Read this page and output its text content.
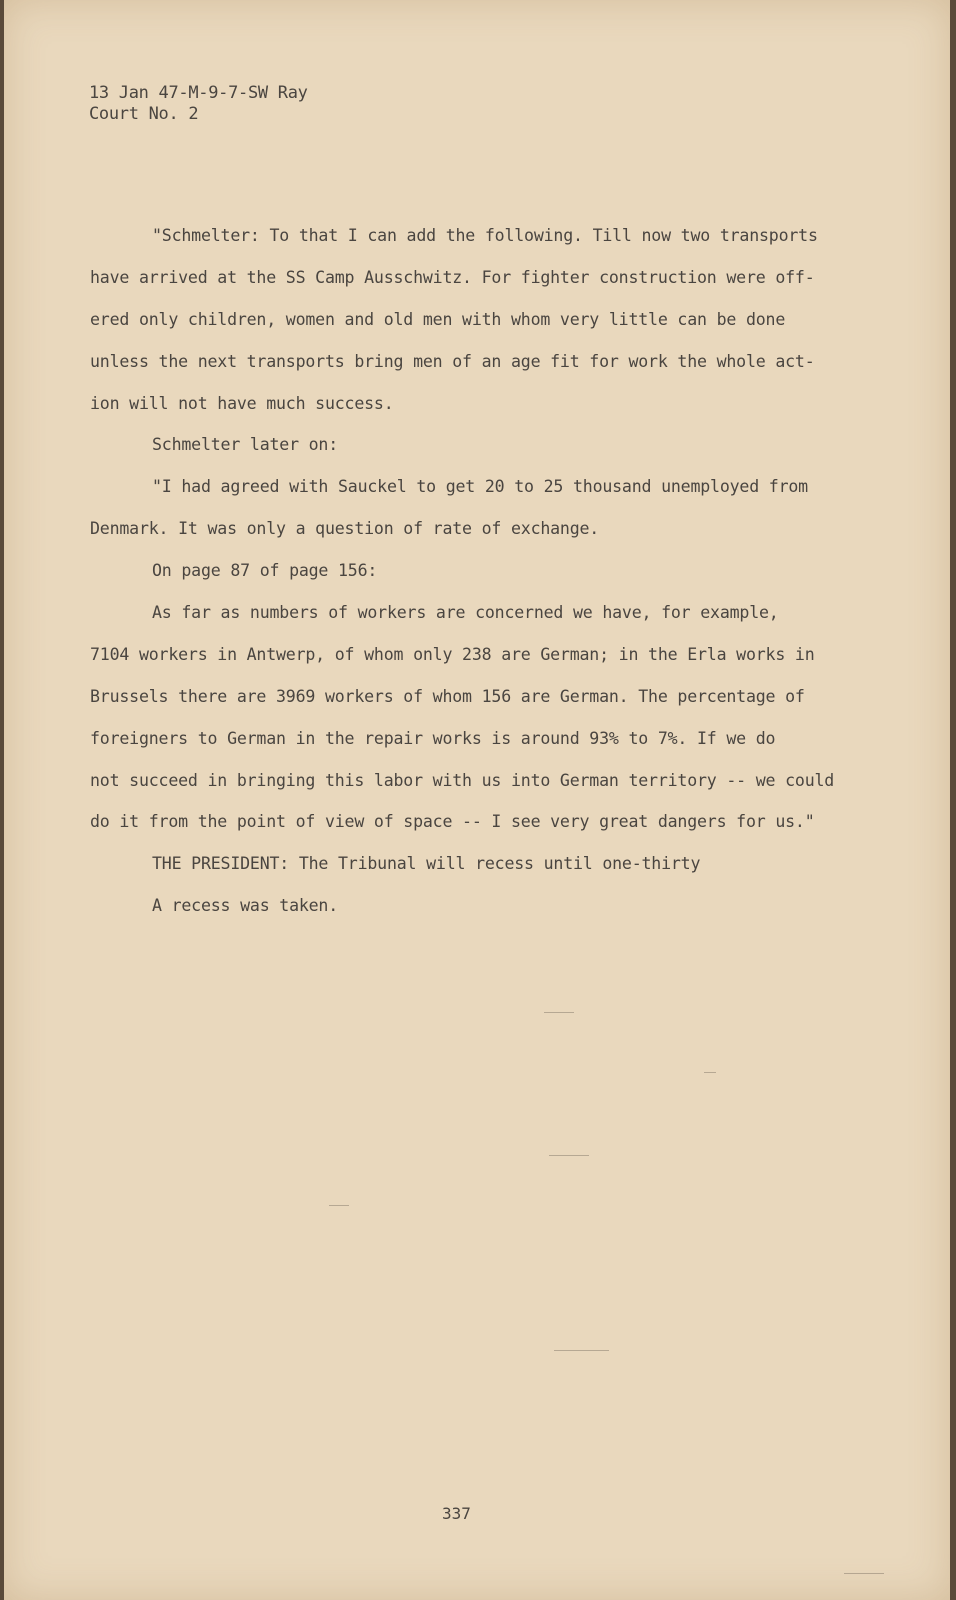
13 Jan 47-M-9-7-SW Ray
Court No. 2
"Schmelter: To that I can add the following. Till now two transports
have arrived at the SS Camp Ausschwitz. For fighter construction were off-
ered only children, women and old men with whom very little can be done
unless the next transports bring men of an age fit for work the whole act-
ion will not have much success.
Schmelter later on:
"I had agreed with Sauckel to get 20 to 25 thousand unemployed from
Denmark. It was only a question of rate of exchange.
On page 87 of page 156:
As far as numbers of workers are concerned we have, for example,
7104 workers in Antwerp, of whom only 238 are German; in the Erla works in
Brussels there are 3969 workers of whom 156 are German. The percentage of
foreigners to German in the repair works is around 93% to 7%. If we do
not succeed in bringing this labor with us into German territory -- we could
do it from the point of view of space -- I see very great dangers for us."
THE PRESIDENT: The Tribunal will recess until one-thirty
A recess was taken.
337
